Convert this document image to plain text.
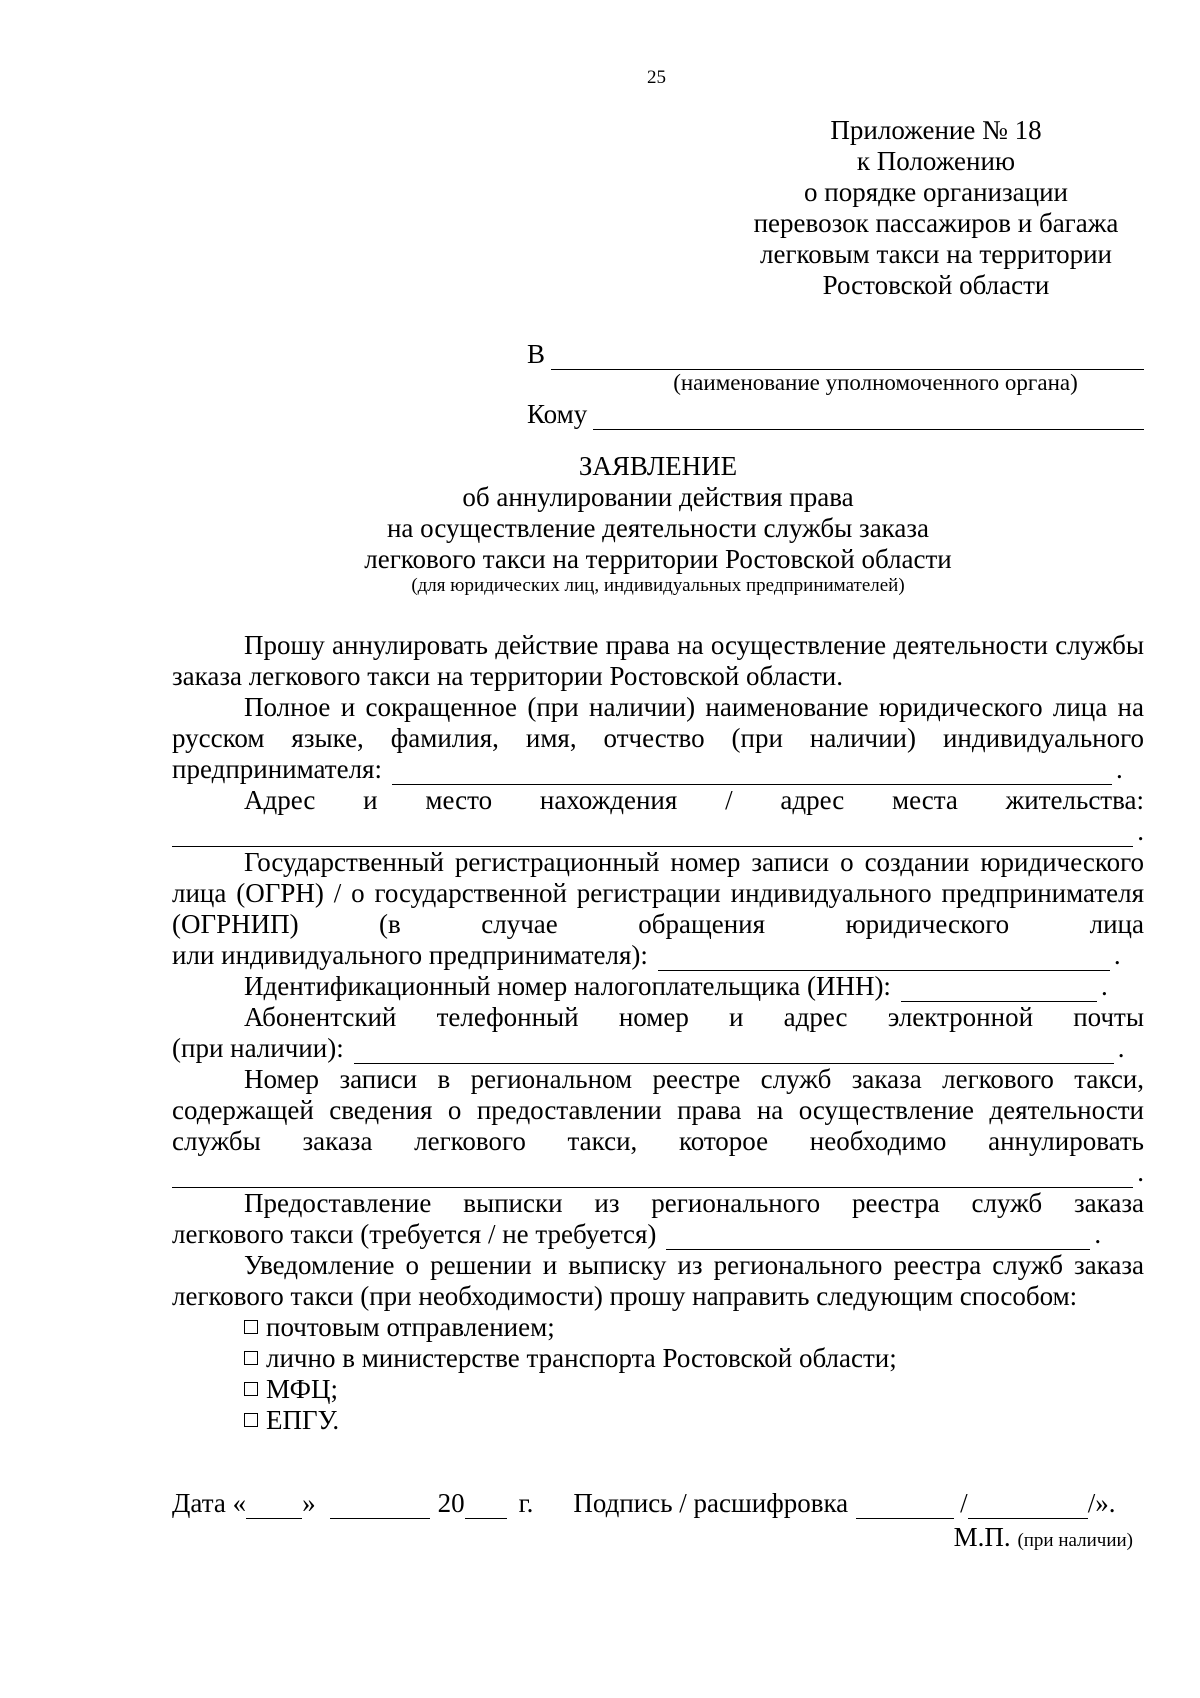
25
Приложение № 18
к Положению
о порядке организации
перевозок пассажиров и багажа
легковым такси на территории
Ростовской области
В
(наименование уполномоченного органа)
Кому
ЗАЯВЛЕНИЕ
об аннулировании действия права
на осуществление деятельности службы заказа
легкового такси на территории Ростовской области
(для юридических лиц, индивидуальных предпринимателей)
Прошу аннулировать действие права на осуществление деятельности службы заказа легкового такси на территории Ростовской области.
Полное и сокращенное (при наличии) наименование юридического лица на русском языке, фамилия, имя, отчество (при наличии) индивидуального
предпринимателя:	.
Адрес и место нахождения / адрес места жительства:
.
Государственный регистрационный номер записи о создании юридического лица (ОГРН) / о государственной регистрации индивидуального предпринимателя (ОГРНИП) (в случае обращения юридического лица
или индивидуального предпринимателя):	.
Идентификационный номер налогоплательщика (ИНН):	.
Абонентский телефонный номер и адрес электронной почты
(при наличии):	.
Номер записи в региональном реестре служб заказа легкового такси, содержащей сведения о предоставлении права на осуществление деятельности службы заказа легкового такси, которое необходимо аннулировать
.
Предоставление выписки из регионального реестра служб заказа
легкового такси (требуется / не требуется)	.
Уведомление о решении и выписку из регионального реестра служб заказа легкового такси (при необходимости) прошу направить следующим способом:
почтовым отправлением;
лично в министерстве транспорта Ростовской области;
МФЦ;
ЕПГУ.
Дата « »	20 г. Подпись / расшифровка	/	/».
М.П. (при наличии)
